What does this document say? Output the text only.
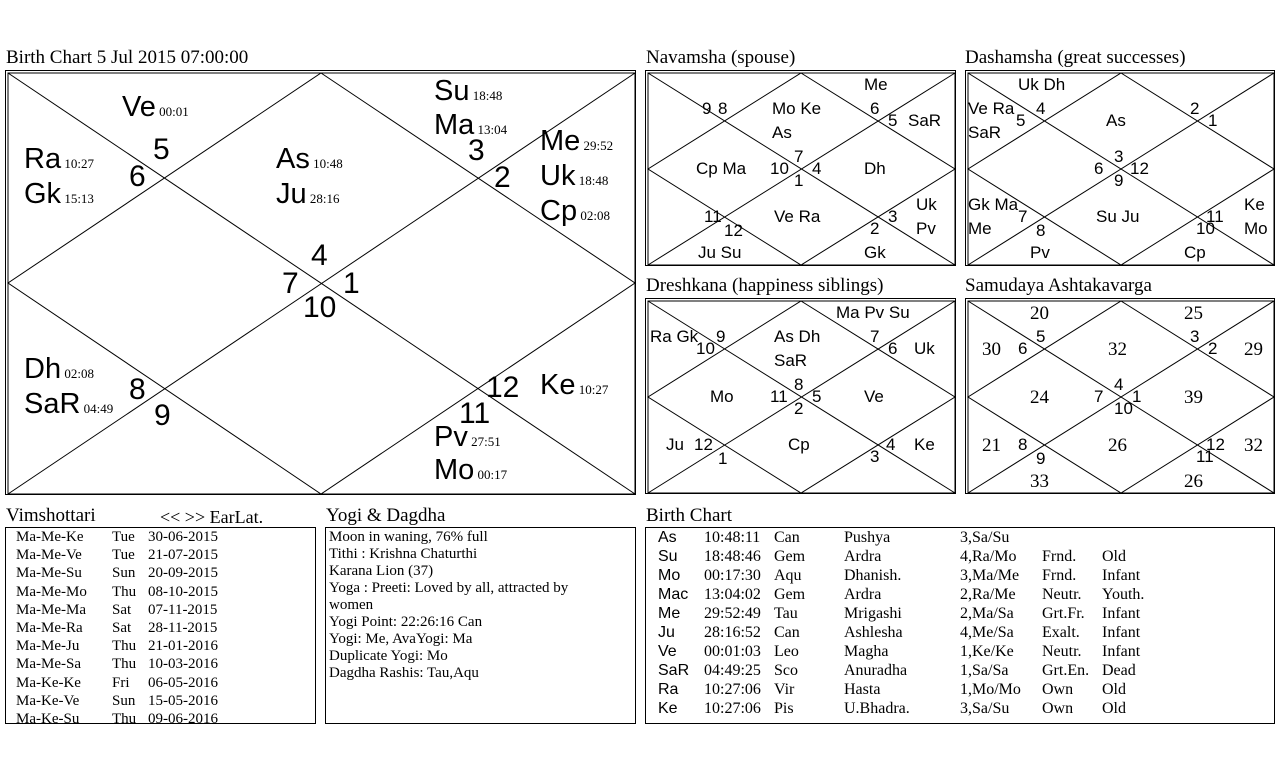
Birth Chart 5 Jul 2015 07:00:00	Navamsha (spouse)	Dashamsha (great successes)
Dreshkana (happiness siblings)	Samudaya Ashtakavarga
Vimshottari	<< >> EarLat.	Yogi & Dagdha	Birth Chart
4
As 10:48
Ju 28:16
3
Su 18:48
Ma 13:04
2
Me 29:52
Uk 18:48
Cp 02:08
1
12 Ke 10:27
11
Pv 27:51
Mo 00:17
10
9
8
Dh 02:08
SaR 04:49
7
6
Ra 10:27
Gk 15:13
5
Ve 00:01
7
Mo Ke
As
6
Me
5 SaR
4	Dh
3
Uk
Pv
2
Gk
1
Ve Ra
12
Ju Su
11
10
Cp Ma
9 8
3
As
2
1
12
11
Ke
Mo
10
Cp
9
Su Ju
8
Pv
7
Gk Ma
Me
6
5
Ve Ra
SaR
4
Uk Dh
8
As Dh
SaR
7
Ma Pv Su
6 Uk
5	Ve
4 Ke
3
2
Cp
1
12
Ju
11
Mo
10
9
Ra Gk
4
32
3
25
2 29
1 39
12 32
11
26
10
26
9
33
8
21
7
24
6
30
5
20
Ma-Me-Ke Tue 30-06-2015
Ma-Me-Ve Tue 21-07-2015
Ma-Me-Su Sun 20-09-2015
Ma-Me-Mo Thu 08-10-2015
Ma-Me-Ma Sat 07-11-2015
Ma-Me-Ra Sat 28-11-2015
Ma-Me-Ju Thu 21-01-2016
Ma-Me-Sa Thu 10-03-2016
Ma-Ke-Ke Fri 06-05-2016
Ma-Ke-Ve Sun 15-05-2016
Ma-Ke-Su Thu 09-06-2016
Moon in waning, 76% full
Tithi : Krishna Chaturthi
Karana Lion (37)
Yoga : Preeti: Loved by all, attracted by
women
Yogi Point: 22:26:16 Can
Yogi: Me, AvaYogi: Ma
Duplicate Yogi: Mo
Dagdha Rashis: Tau,Aqu
As 10:48:11 Can	Pushya	3,Sa/Su
Su 18:48:46 Gem Ardra	4,Ra/Mo Frnd. Old
Mo 00:17:30 Aqu	Dhanish.	3,Ma/Me Frnd. Infant
Mac 13:04:02 Gem Ardra	2,Ra/Me Neutr. Youth.
Me 29:52:49 Tau	Mrigashi	2,Ma/Sa Grt.Fr. Infant
Ju 28:16:52 Can	Ashlesha	4,Me/Sa Exalt. Infant
Ve 00:01:03 Leo	Magha	1,Ke/Ke Neutr. Infant
SaR 04:49:25 Sco	Anuradha	1,Sa/Sa Grt.En. Dead
Ra 10:27:06 Vir	Hasta	1,Mo/Mo Own Old
Ke 10:27:06 Pis	U.Bhadra.	3,Sa/Su Own Old
